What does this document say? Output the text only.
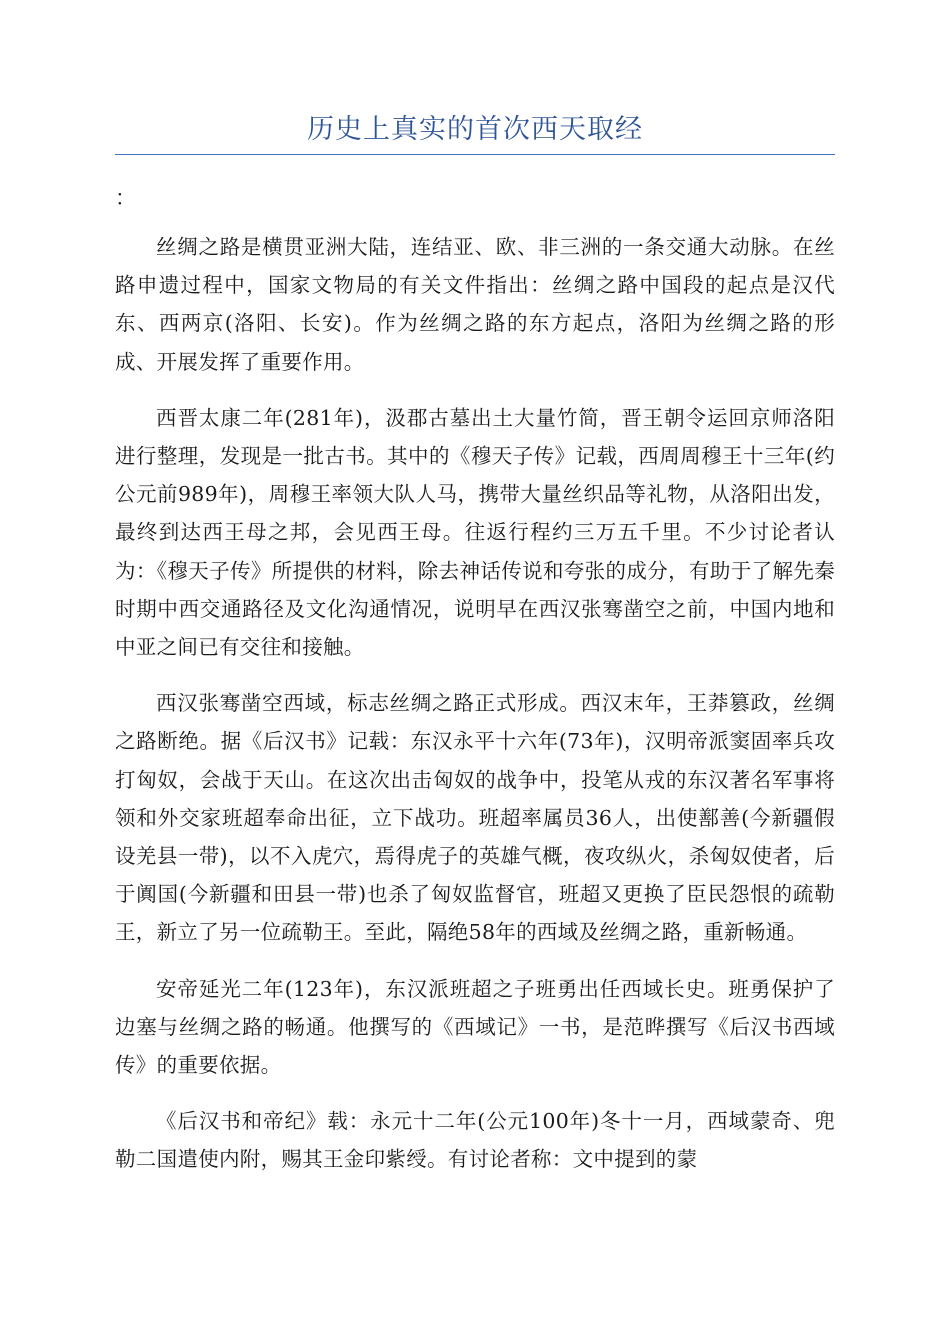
历史上真实的首次西天取经
：

丝绸之路是横贯亚洲大陆，连结亚、欧、非三洲的一条交通大动脉。在丝路申遗过程中，国家文物局的有关文件指出：丝绸之路中国段的起点是汉代东、西两京(洛阳、长安)。作为丝绸之路的东方起点，洛阳为丝绸之路的形成、开展发挥了重要作用。

西晋太康二年(281年)，汲郡古墓出土大量竹简，晋王朝令运回京师洛阳进行整理，发现是一批古书。其中的《穆天子传》记载，西周周穆王十三年(约公元前989年)，周穆王率领大队人马，携带大量丝织品等礼物，从洛阳出发，最终到达西王母之邦，会见西王母。往返行程约三万五千里。不少讨论者认为：《穆天子传》所提供的材料，除去神话传说和夸张的成分，有助于了解先秦时期中西交通路径及文化沟通情况，说明早在西汉张骞凿空之前，中国内地和中亚之间已有交往和接触。

西汉张骞凿空西域，标志丝绸之路正式形成。西汉末年，王莽篡政，丝绸之路断绝。据《后汉书》记载：东汉永平十六年(73年)，汉明帝派窦固率兵攻打匈奴，会战于天山。在这次出击匈奴的战争中，投笔从戎的东汉著名军事将领和外交家班超奉命出征，立下战功。班超率属员36人，出使鄯善(今新疆假设羌县一带)，以不入虎穴，焉得虎子的英雄气概，夜攻纵火，杀匈奴使者，后于阗国(今新疆和田县一带)也杀了匈奴监督官，班超又更换了臣民怨恨的疏勒王，新立了另一位疏勒王。至此，隔绝58年的西域及丝绸之路，重新畅通。

安帝延光二年(123年)，东汉派班超之子班勇出任西域长史。班勇保护了边塞与丝绸之路的畅通。他撰写的《西域记》一书，是范晔撰写《后汉书西域传》的重要依据。

《后汉书和帝纪》载：永元十二年(公元100年)冬十一月，西域蒙奇、兜勒二国遣使内附，赐其王金印紫绶。有讨论者称：文中提到的蒙
